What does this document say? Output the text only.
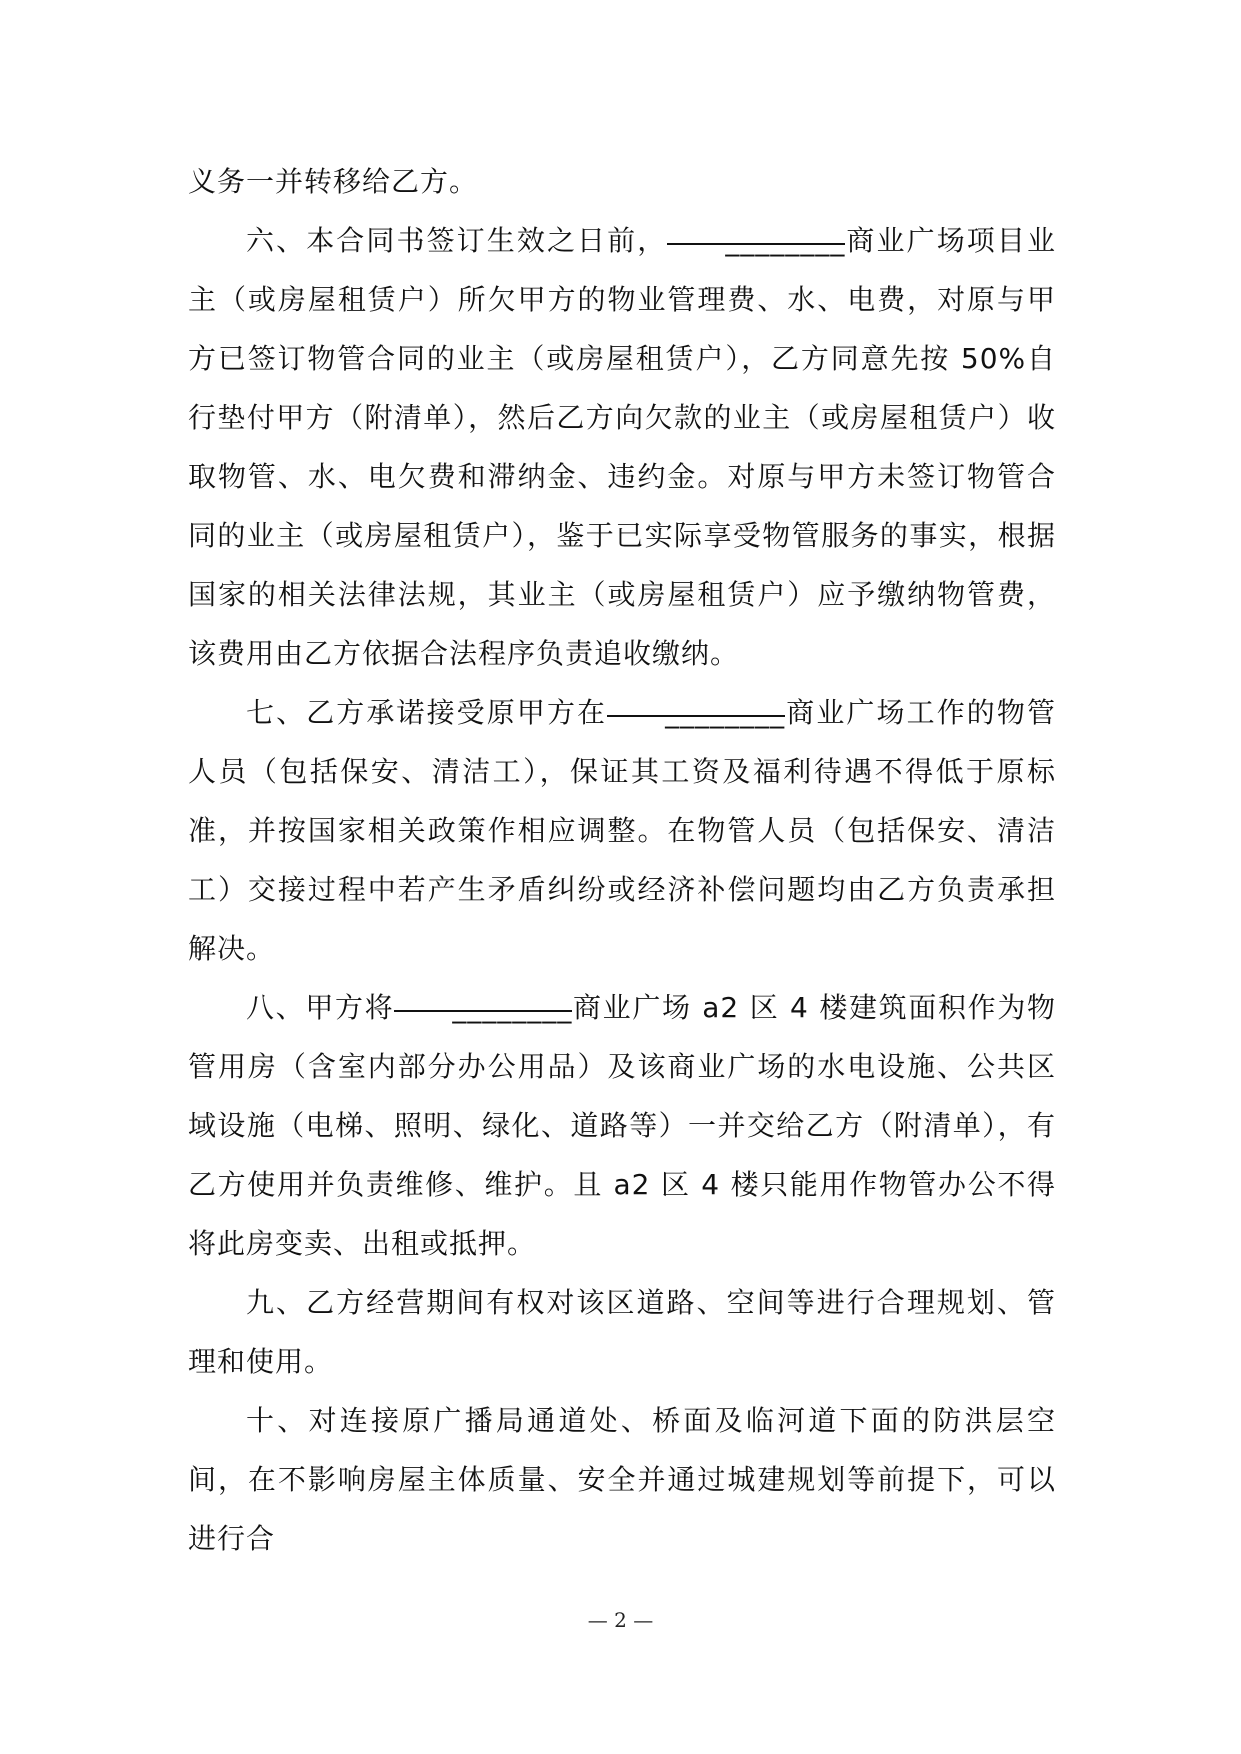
义务一并转移给乙方。

六、本合同书签订生效之日前， ________商业广场项目业主（或房屋租赁户）所欠甲方的物业管理费、水、电费，对原与甲方已签订物管合同的业主（或房屋租赁户），乙方同意先按 50%自行垫付甲方（附清单），然后乙方向欠款的业主（或房屋租赁户）收取物管、水、电欠费和滞纳金、违约金。对原与甲方未签订物管合同的业主（或房屋租赁户），鉴于已实际享受物管服务的事实，根据国家的相关法律法规，其业主（或房屋租赁户）应予缴纳物管费，该费用由乙方依据合法程序负责追收缴纳。

七、乙方承诺接受原甲方在 ________商业广场工作的物管人员（包括保安、清洁工），保证其工资及福利待遇不得低于原标准，并按国家相关政策作相应调整。在物管人员（包括保安、清洁工）交接过程中若产生矛盾纠纷或经济补偿问题均由乙方负责承担解决。

八、甲方将 ________商业广场 a2 区 4 楼建筑面积作为物管用房（含室内部分办公用品）及该商业广场的水电设施、公共区域设施（电梯、照明、绿化、道路等）一并交给乙方（附清单），有乙方使用并负责维修、维护。且 a2 区 4 楼只能用作物管办公不得将此房变卖、出租或抵押。

九、乙方经营期间有权对该区道路、空间等进行合理规划、管理和使用。

十、对连接原广播局通道处、桥面及临河道下面的防洪层空间，在不影响房屋主体质量、安全并通过城建规划等前提下，可以进行合

— 2 —
